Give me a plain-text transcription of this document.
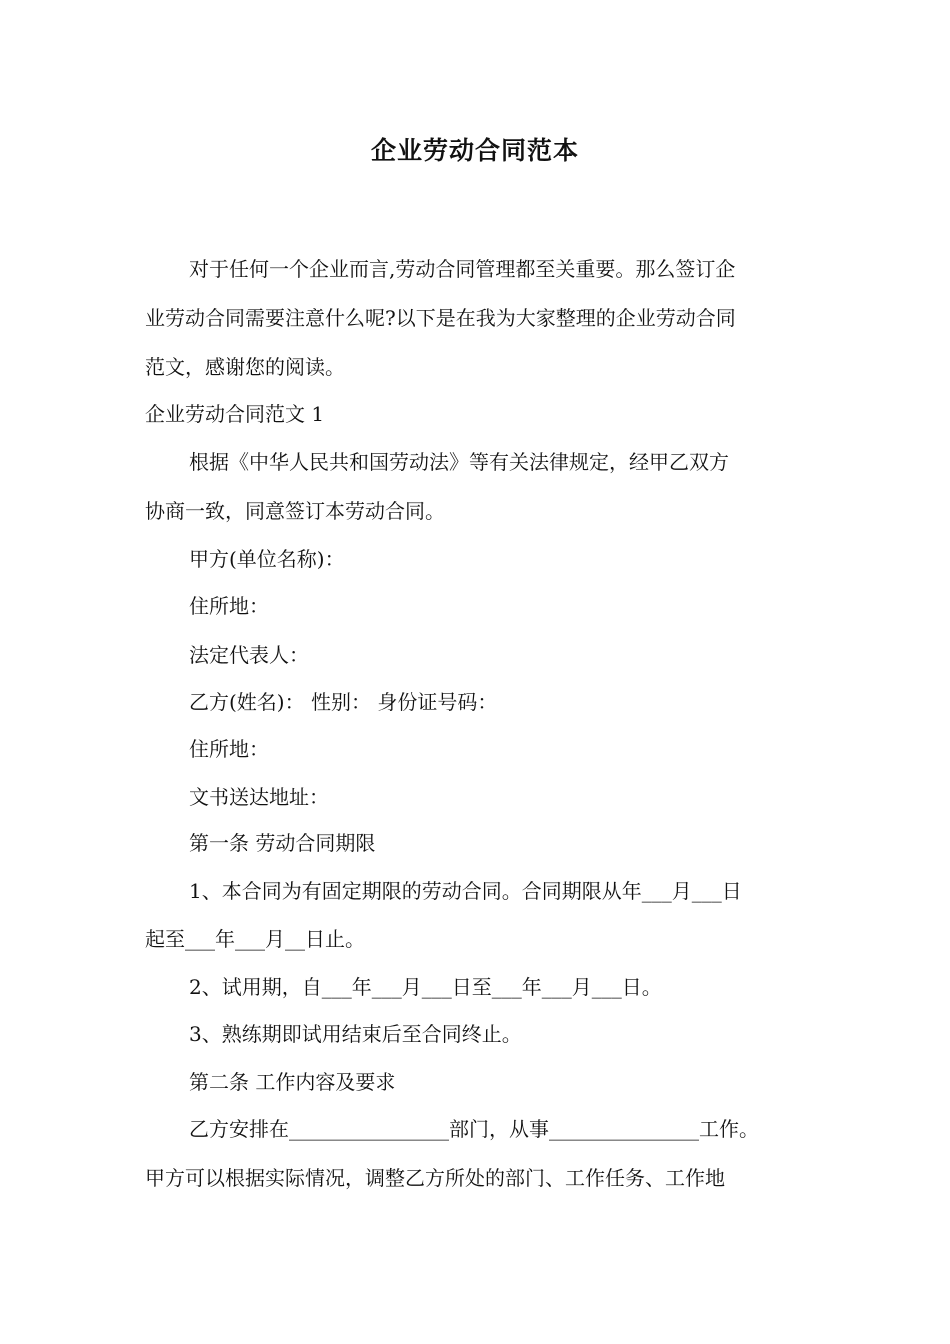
企业劳动合同范本
对于任何一个企业而言,劳动合同管理都至关重要。那么签订企
业劳动合同需要注意什么呢?以下是在我为大家整理的企业劳动合同
范文，感谢您的阅读。
企业劳动合同范文 1
根据《中华人民共和国劳动法》等有关法律规定，经甲乙双方
协商一致，同意签订本劳动合同。
甲方(单位名称)：
住所地：
法定代表人：
乙方(姓名)： 性别： 身份证号码：
住所地：
文书送达地址：
第一条 劳动合同期限
1、本合同为有固定期限的劳动合同。合同期限从年___月___日
起至___年___月__日止。
2、试用期，自___年___月___日至___年___月___日。
3、熟练期即试用结束后至合同终止。
第二条 工作内容及要求
乙方安排在________________部门，从事_______________工作。
甲方可以根据实际情况，调整乙方所处的部门、工作任务、工作地
